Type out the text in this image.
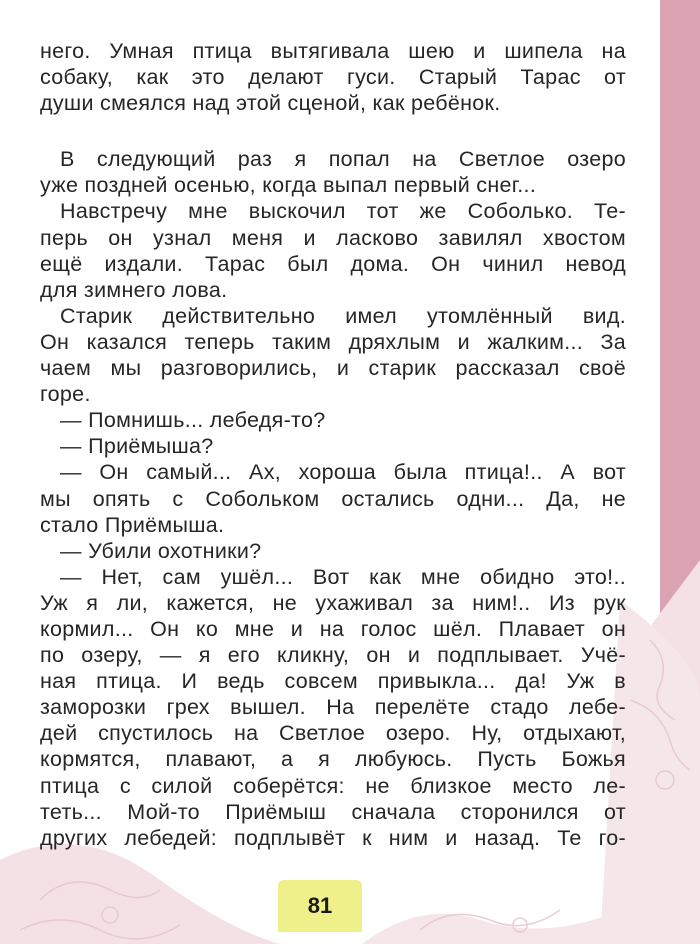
него. Умная птица вытягивала шею и шипела на
собаку, как это делают гуси. Старый Тарас от
души смеялся над этой сценой, как ребёнок.
В следующий раз я попал на Светлое озеро
уже поздней осенью, когда выпал первый снег...
Навстречу мне выскочил тот же Соболько. Те-
перь он узнал меня и ласково завилял хвостом
ещё издали. Тарас был дома. Он чинил невод
для зимнего лова.
Старик действительно имел утомлённый вид.
Он казался теперь таким дряхлым и жалким... За
чаем мы разговорились, и старик рассказал своё
горе.
— Помнишь... лебедя-то?
— Приёмыша?
— Он самый... Ах, хороша была птица!.. А вот
мы опять с Собольком остались одни... Да, не
стало Приёмыша.
— Убили охотники?
— Нет, сам ушёл... Вот как мне обидно это!..
Уж я ли, кажется, не ухаживал за ним!.. Из рук
кормил... Он ко мне и на голос шёл. Плавает он
по озеру, — я его кликну, он и подплывает. Учё-
ная птица. И ведь совсем привыкла... да! Уж в
заморозки грех вышел. На перелёте стадо лебе-
дей спустилось на Светлое озеро. Ну, отдыхают,
кормятся, плавают, а я любуюсь. Пусть Божья
птица с силой соберётся: не близкое место ле-
теть... Мой-то Приёмыш сначала сторонился от
других лебедей: подплывёт к ним и назад. Те го-
81
